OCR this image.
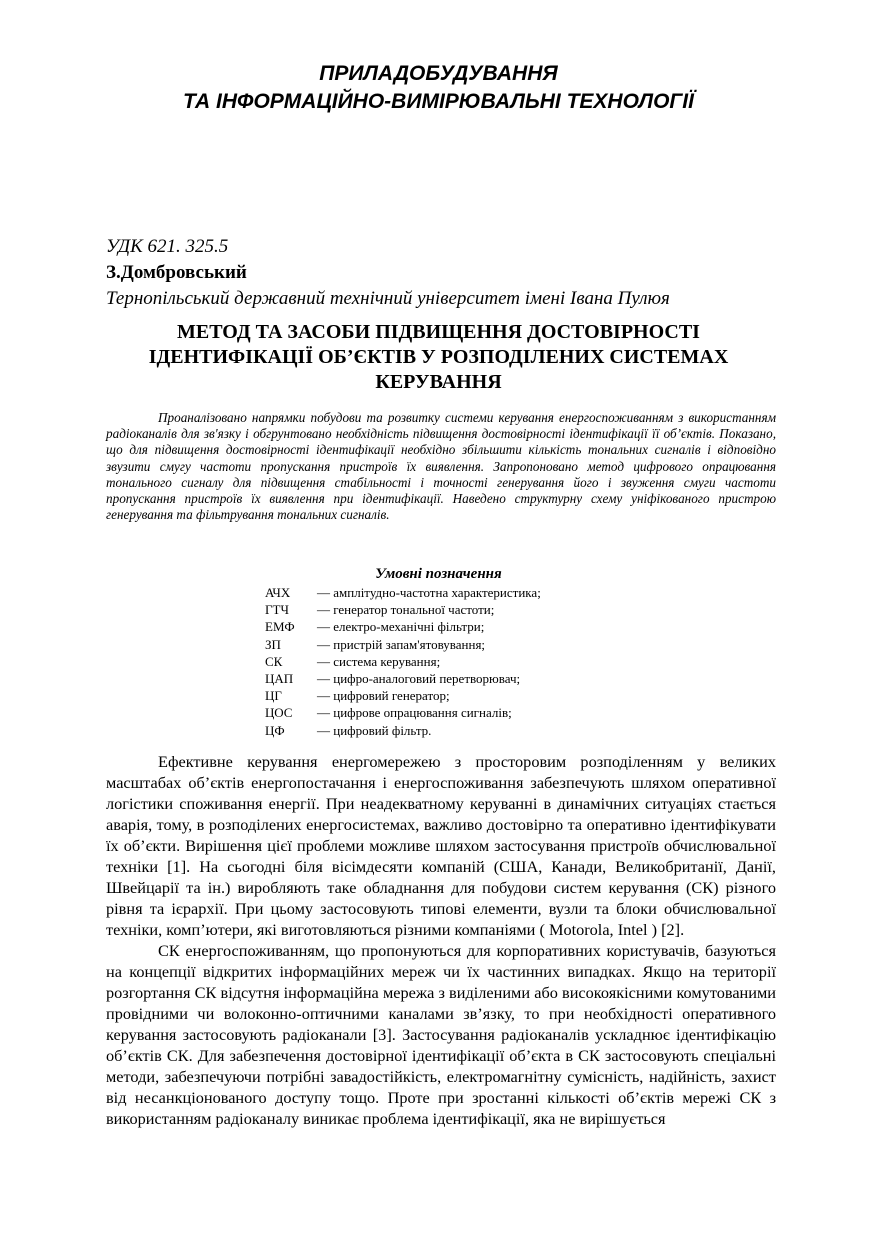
ПРИЛАДОБУДУВАННЯ
ТА ІНФОРМАЦІЙНО-ВИМІРЮВАЛЬНІ ТЕХНОЛОГІЇ
УДК 621. 325.5
З.Домбровський
Тернопільський державний технічний університет імені Івана Пулюя
МЕТОД ТА ЗАСОБИ ПІДВИЩЕННЯ ДОСТОВІРНОСТІ
ІДЕНТИФІКАЦІЇ ОБ’ЄКТІВ У РОЗПОДІЛЕНИХ СИСТЕМАХ
КЕРУВАННЯ
Проаналізовано напрямки побудови та розвитку системи керування енергоспоживанням з використанням радіоканалів для зв'язку і обгрунтовано необхідність підвищення достовірності ідентифікації її об’єктів. Показано, що для підвищення достовірності ідентифікації необхідно збільшити кількість тональних сигналів і відповідно звузити смугу частоти пропускання пристроїв їх виявлення. Запропоновано метод цифрового опрацювання тонального сигналу для підвищення стабільності і точності генерування його і звуження смуги частоти пропускання пристроїв їх виявлення при ідентифікації. Наведено структурну схему уніфікованого пристрою генерування та фільтрування тональних сигналів.
Умовні позначення
АЧХ	— амплітудно-частотна характеристика;
ГТЧ	— генератор тональної частоти;
ЕМФ	— електро-механічні фільтри;
ЗП	— пристрій запам'ятовування;
СК	— система керування;
ЦАП	— цифро-аналоговий перетворювач;
ЦГ	— цифровий генератор;
ЦОС	— цифрове опрацювання сигналів;
ЦФ	— цифровий фільтр.

Ефективне керування енергомережею з просторовим розподіленням у великих масштабах об’єктів енергопостачання і енергоспоживання забезпечують шляхом оперативної логістики споживання енергії. При неадекватному керуванні в динамічних ситуаціях стається аварія, тому, в розподілених енергосистемах, важливо достовірно та оперативно ідентифікувати їх об’єкти. Вирішення цієї проблеми можливе шляхом застосування пристроїв обчислювальної техніки [1]. На сьогодні біля вісімдесяти компаній (США, Канади, Великобританії, Данії, Швейцарії та ін.) виробляють таке обладнання для побудови систем керування (СК) різного рівня та ієрархії. При цьому застосовують типові елементи, вузли та блоки обчислювальної техніки, комп’ютери, які виготовляються різними компаніями ( Motorola, Intel ) [2].

СК енергоспоживанням, що пропонуються для корпоративних користувачів, базуються на концепції відкритих інформаційних мереж чи їх частинних випадках. Якщо на території розгортання СК відсутня інформаційна мережа з виділеними або високоякісними комутованими провідними чи волоконно-оптичними каналами зв’язку, то при необхідності оперативного керування застосовують радіоканали [3]. Застосування радіоканалів ускладнює ідентифікацію об’єктів СК. Для забезпечення достовірної ідентифікації об’єкта в СК застосовують спеціальні методи, забезпечуючи потрібні завадостійкість, електромагнітну сумісність, надійність, захист від несанкціонованого доступу тощо. Проте при зростанні кількості об’єктів мережі СК з використанням радіоканалу виникає проблема ідентифікації, яка не вирішується
